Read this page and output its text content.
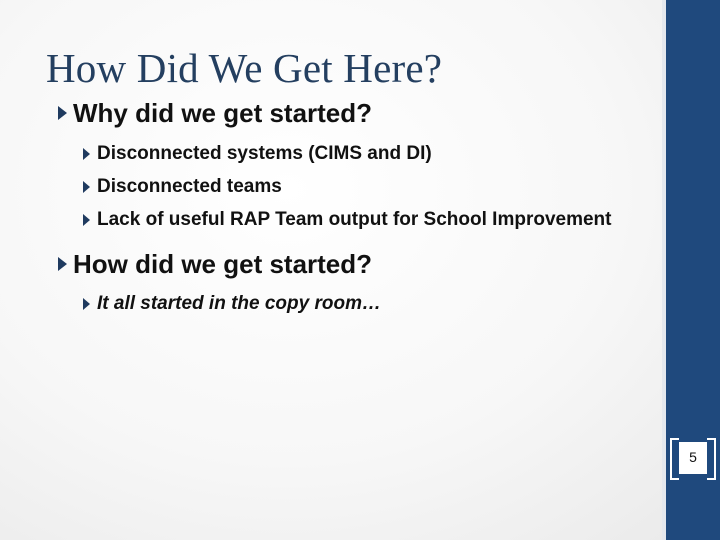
How Did We Get Here?
Why did we get started?
Disconnected systems (CIMS and DI)
Disconnected teams
Lack of useful RAP Team output for School Improvement
How did we get started?
It all started in the copy room…
5
